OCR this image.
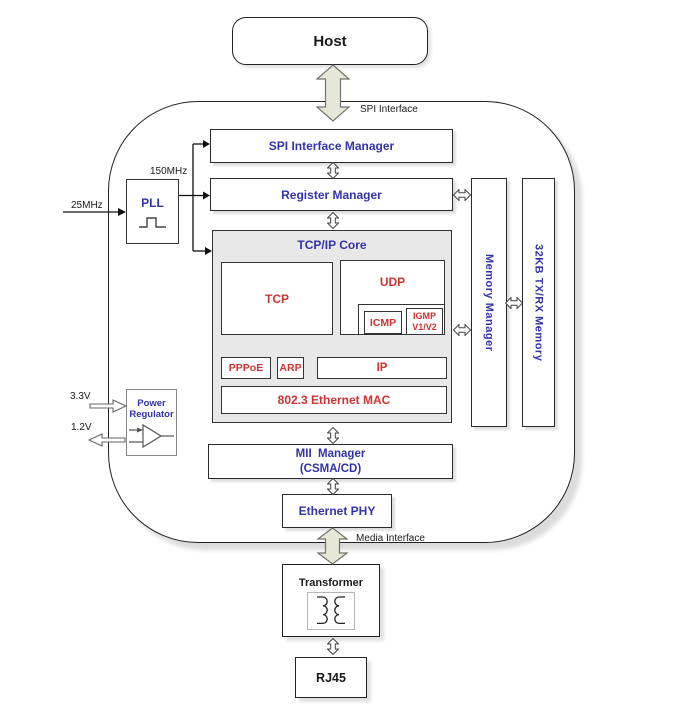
Host
SPI Interface
SPI Interface Manager
Register Manager
PLL
150MHz
25MHz
TCP/IP Core
TCP
UDP
ICMP
IGMP
V1/V2
PPPoE ARP	IP
802.3 Ethernet MAC
Memory Manager	32KB TX/RX Memory
MII  Manager
(CSMA/CD)
Ethernet PHY
Power
Regulator
3.3V
1.2V
Media Interface
Transformer
RJ45
